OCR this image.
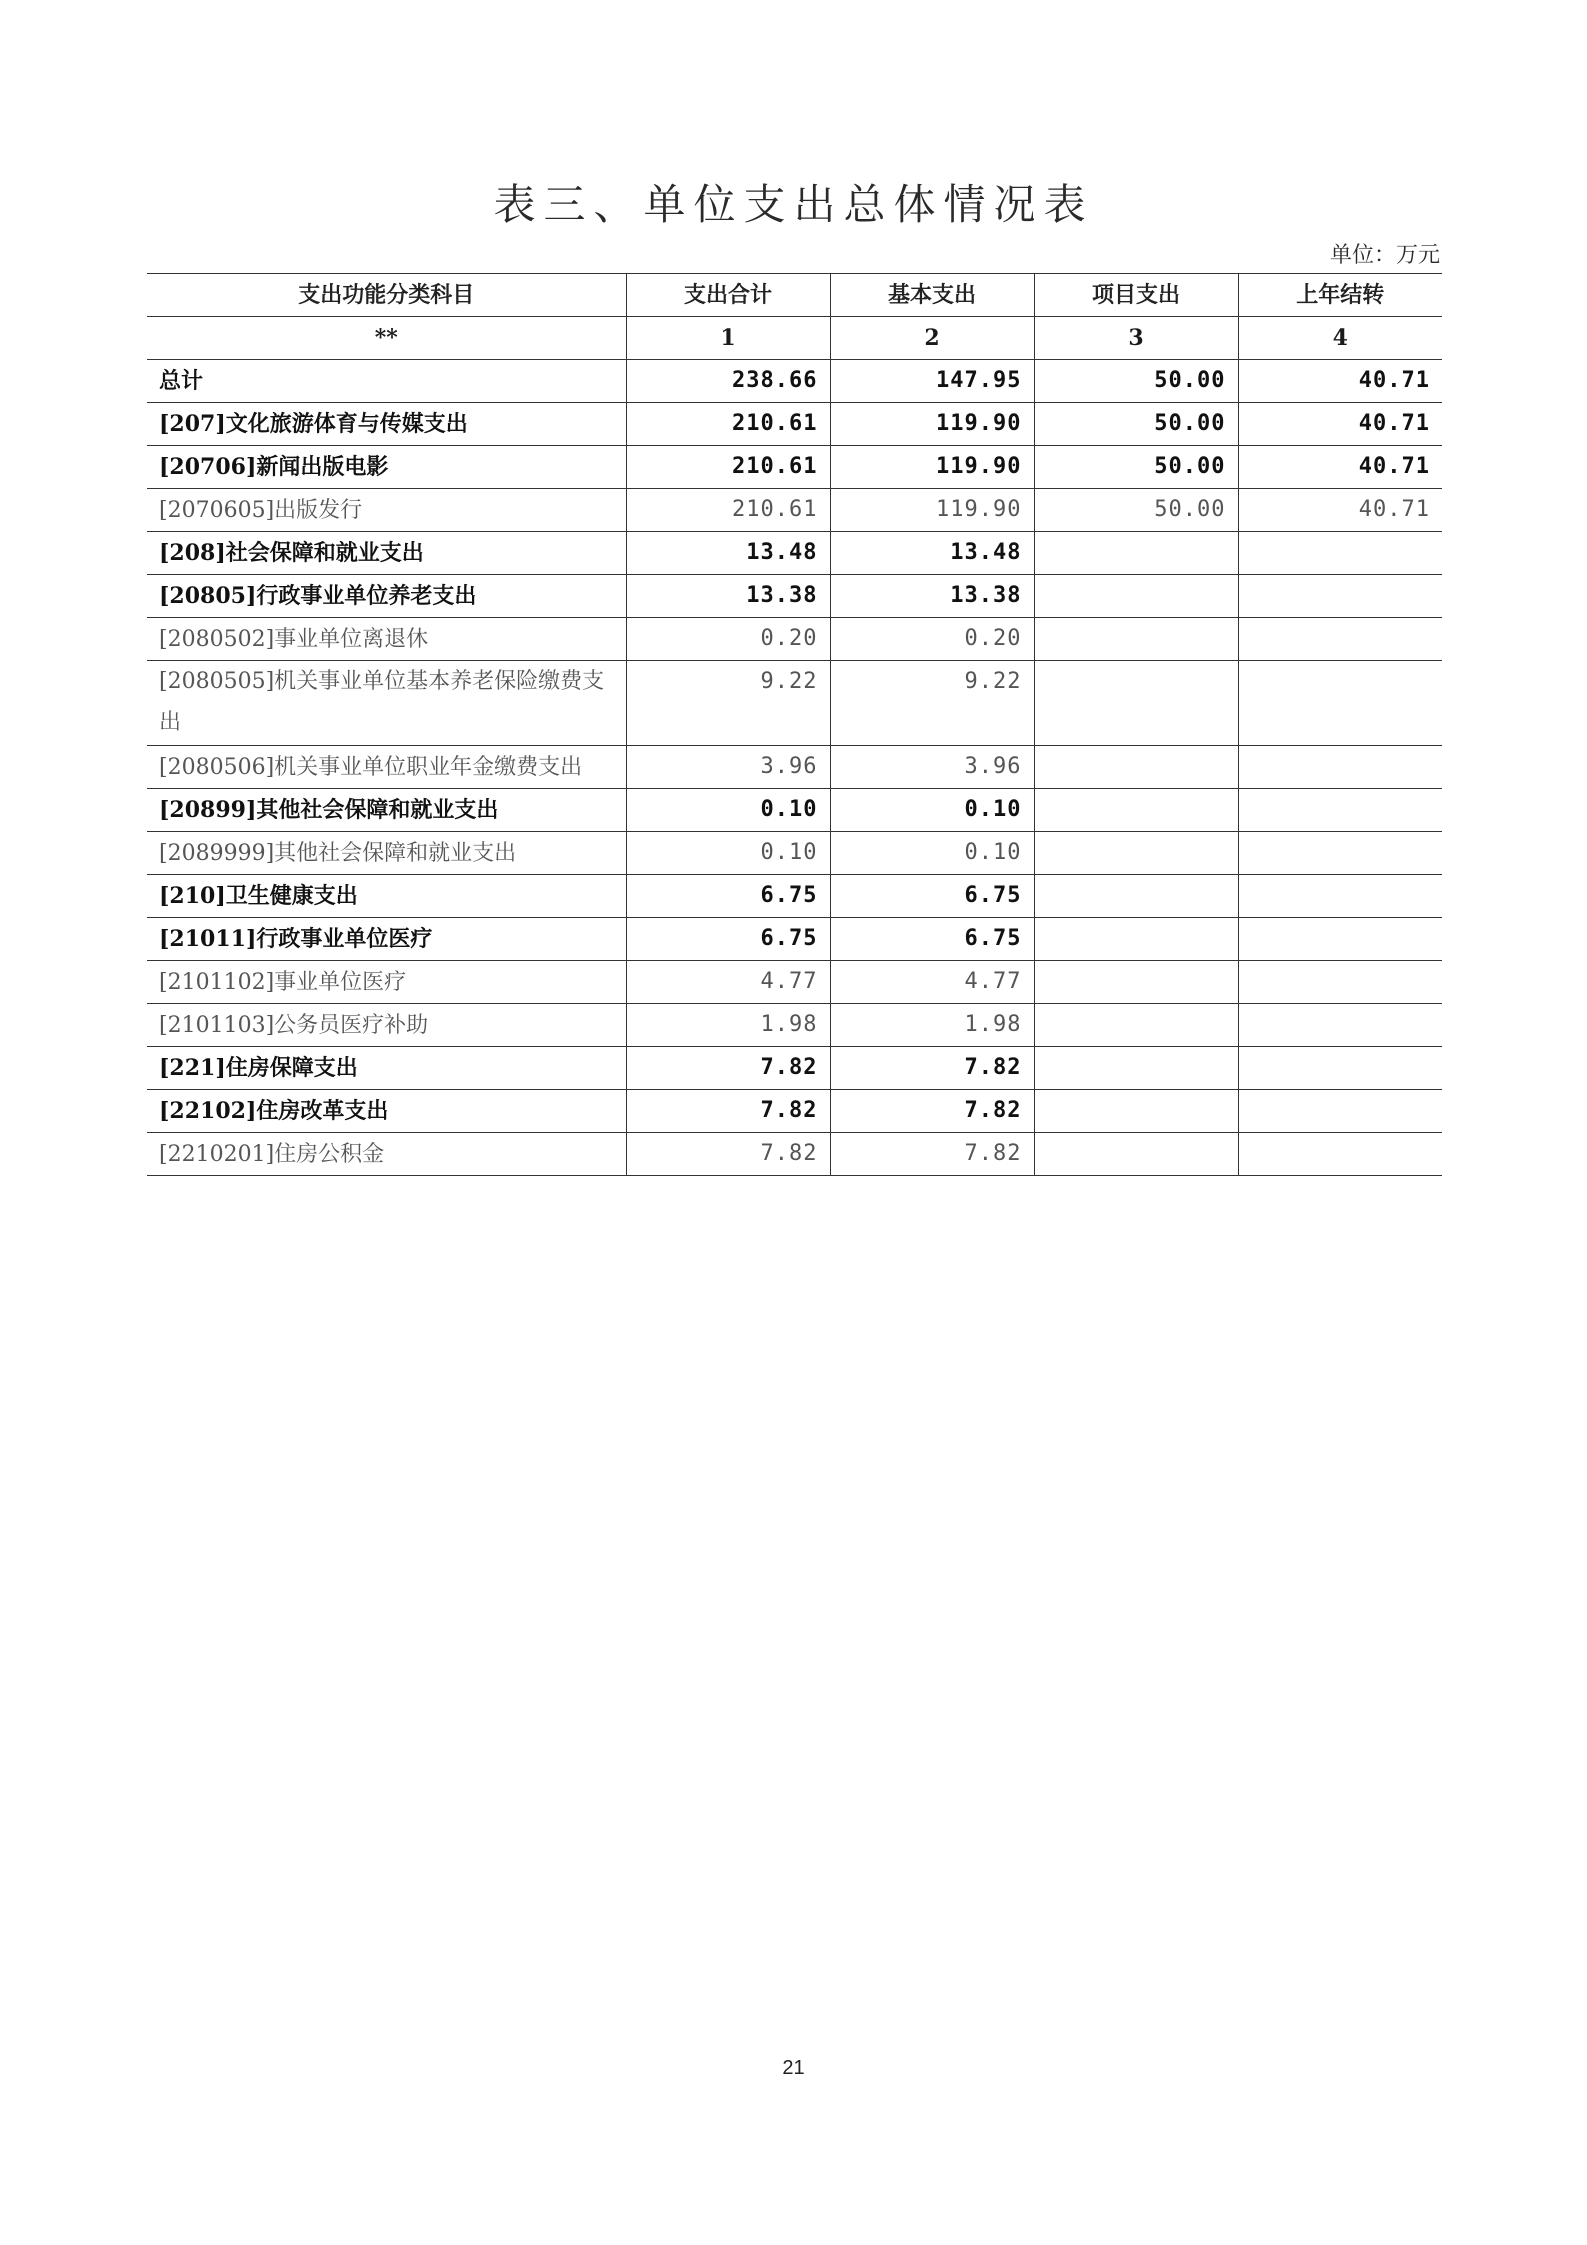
表三、单位支出总体情况表
单位：万元
支出功能分类科目	支出合计	基本支出	项目支出	上年结转
**	1	2	3	4
总计	238.66	147.95	50.00	40.71
[207]文化旅游体育与传媒支出	210.61	119.90	50.00	40.71
[20706]新闻出版电影	210.61	119.90	50.00	40.71
[2070605]出版发行	210.61	119.90	50.00	40.71
[208]社会保障和就业支出	13.48	13.48		
[20805]行政事业单位养老支出	13.38	13.38		
[2080502]事业单位离退休	0.20	0.20		
[2080505]机关事业单位基本养老保险缴费支出	9.22	9.22		
[2080506]机关事业单位职业年金缴费支出	3.96	3.96		
[20899]其他社会保障和就业支出	0.10	0.10		
[2089999]其他社会保障和就业支出	0.10	0.10		
[210]卫生健康支出	6.75	6.75		
[21011]行政事业单位医疗	6.75	6.75		
[2101102]事业单位医疗	4.77	4.77		
[2101103]公务员医疗补助	1.98	1.98		
[221]住房保障支出	7.82	7.82		
[22102]住房改革支出	7.82	7.82		
[2210201]住房公积金	7.82	7.82		
21
